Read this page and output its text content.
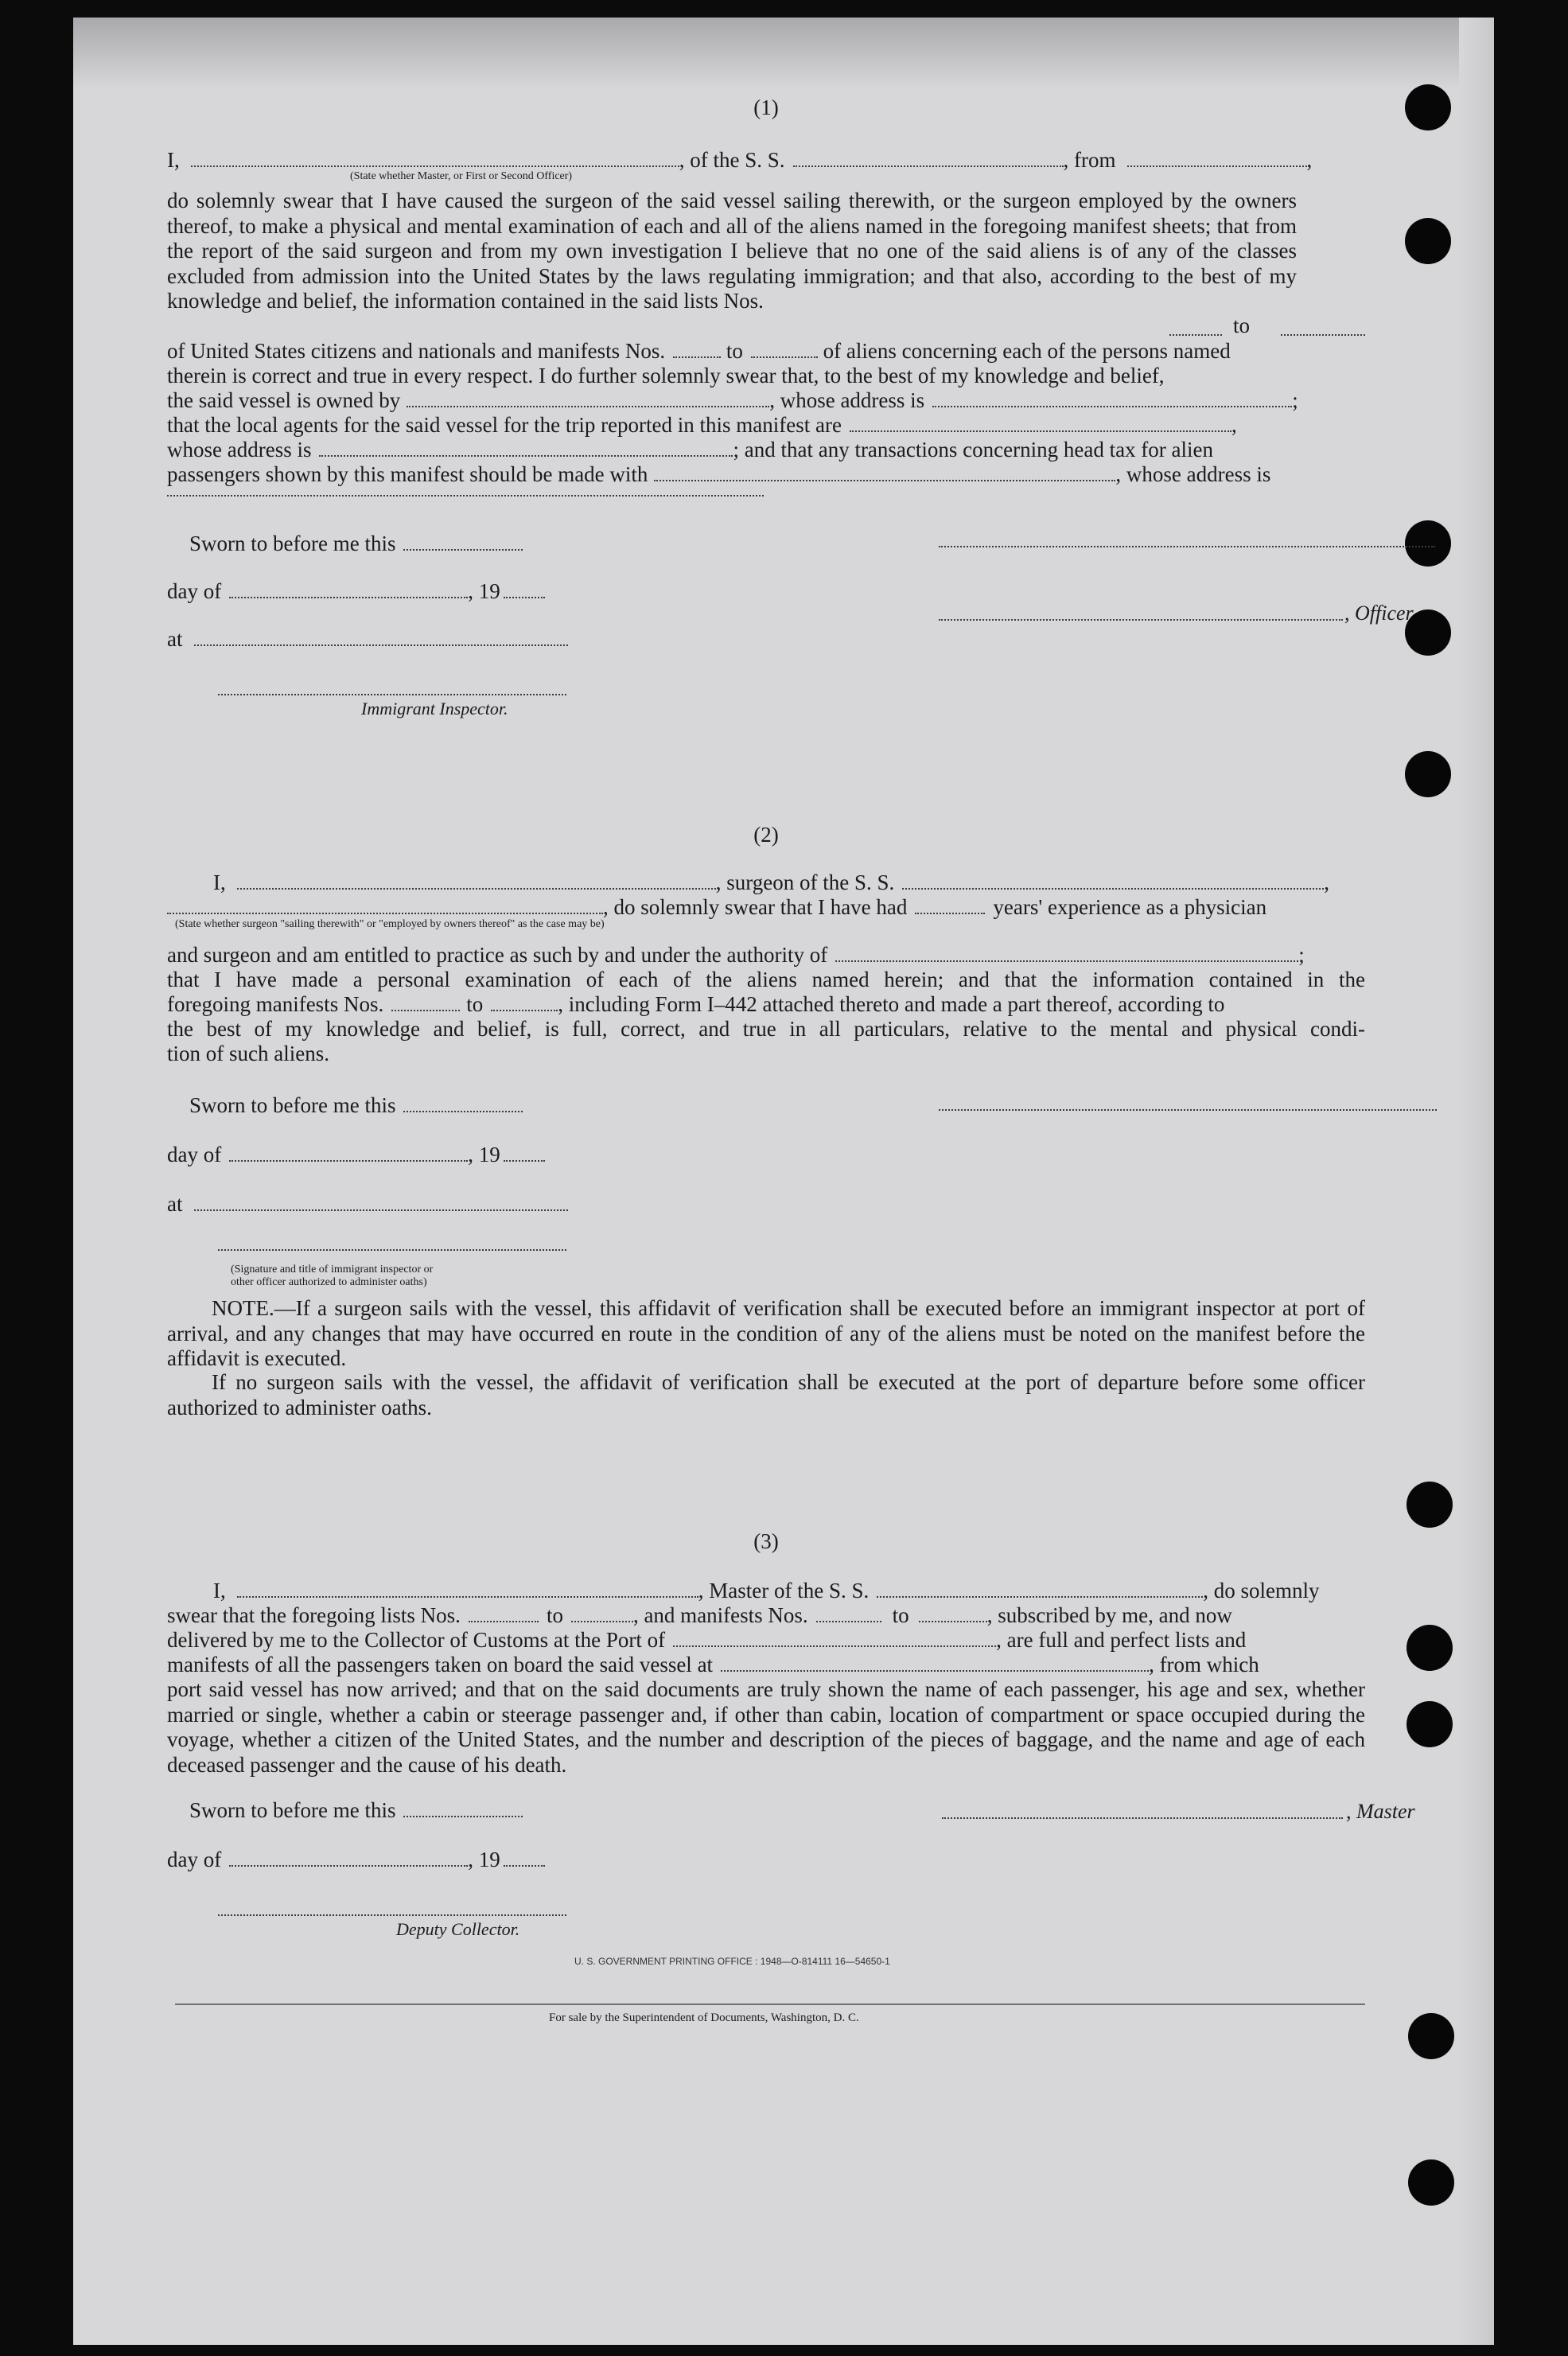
(1)
I,	, of the S. S.	, from	,
(State whether Master, or First or Second Officer)
do solemnly swear that I have caused the surgeon of the said vessel sailing therewith, or the surgeon employed by the owners thereof, to make a physical and mental examination of each and all of the aliens named in the foregoing manifest sheets; that from the report of the said surgeon and from my own investigation I believe that no one of the said aliens is of any of the classes excluded from admission into the United States by the laws regulating immigration; and that also, according to the best of my knowledge and belief, the information contained in the said lists Nos.
to
of United States citizens and nationals and manifests Nos.	to	of aliens concerning each of the persons named
therein is correct and true in every respect. I do further solemnly swear that, to the best of my knowledge and belief,
the said vessel is owned by	, whose address is	;
that the local agents for the said vessel for the trip reported in this manifest are	,
whose address is	; and that any transactions concerning head tax for alien
passengers shown by this manifest should be made with	, whose address is
Sworn to before me this
day of	, 19
, Officer
at
Immigrant Inspector.
(2)
I,	, surgeon of the S. S.	,
, do solemnly swear that I have had	years' experience as a physician
(State whether surgeon "sailing therewith" or "employed by owners thereof" as the case may be)
and surgeon and am entitled to practice as such by and under the authority of	;
that I have made a personal examination of each of the aliens named herein; and that the information contained in the
foregoing manifests Nos.	to	, including Form I–442 attached thereto and made a part thereof, according to
the best of my knowledge and belief, is full, correct, and true in all particulars, relative to the mental and physical condi-
tion of such aliens.
Sworn to before me this
day of	, 19
at
(Signature and title of immigrant inspector or
other officer authorized to administer oaths)
NOTE.—If a surgeon sails with the vessel, this affidavit of verification shall be executed before an immigrant inspector at port of arrival, and any changes that may have occurred en route in the condition of any of the aliens must be noted on the manifest before the affidavit is executed.
If no surgeon sails with the vessel, the affidavit of verification shall be executed at the port of departure before some officer authorized to administer oaths.
(3)
I,	, Master of the S. S.	, do solemnly
swear that the foregoing lists Nos.	to	, and manifests Nos.	to	, subscribed by me, and now
delivered by me to the Collector of Customs at the Port of	, are full and perfect lists and
manifests of all the passengers taken on board the said vessel at	, from which
port said vessel has now arrived; and that on the said documents are truly shown the name of each passenger, his age and sex, whether married or single, whether a cabin or steerage passenger and, if other than cabin, location of compartment or space occupied during the voyage, whether a citizen of the United States, and the number and description of the pieces of baggage, and the name and age of each deceased passenger and the cause of his death.
Sworn to before me this	, Master
day of	, 19
Deputy Collector.
U. S. GOVERNMENT PRINTING OFFICE : 1948—O-814111 16—54650-1
For sale by the Superintendent of Documents, Washington, D. C.
